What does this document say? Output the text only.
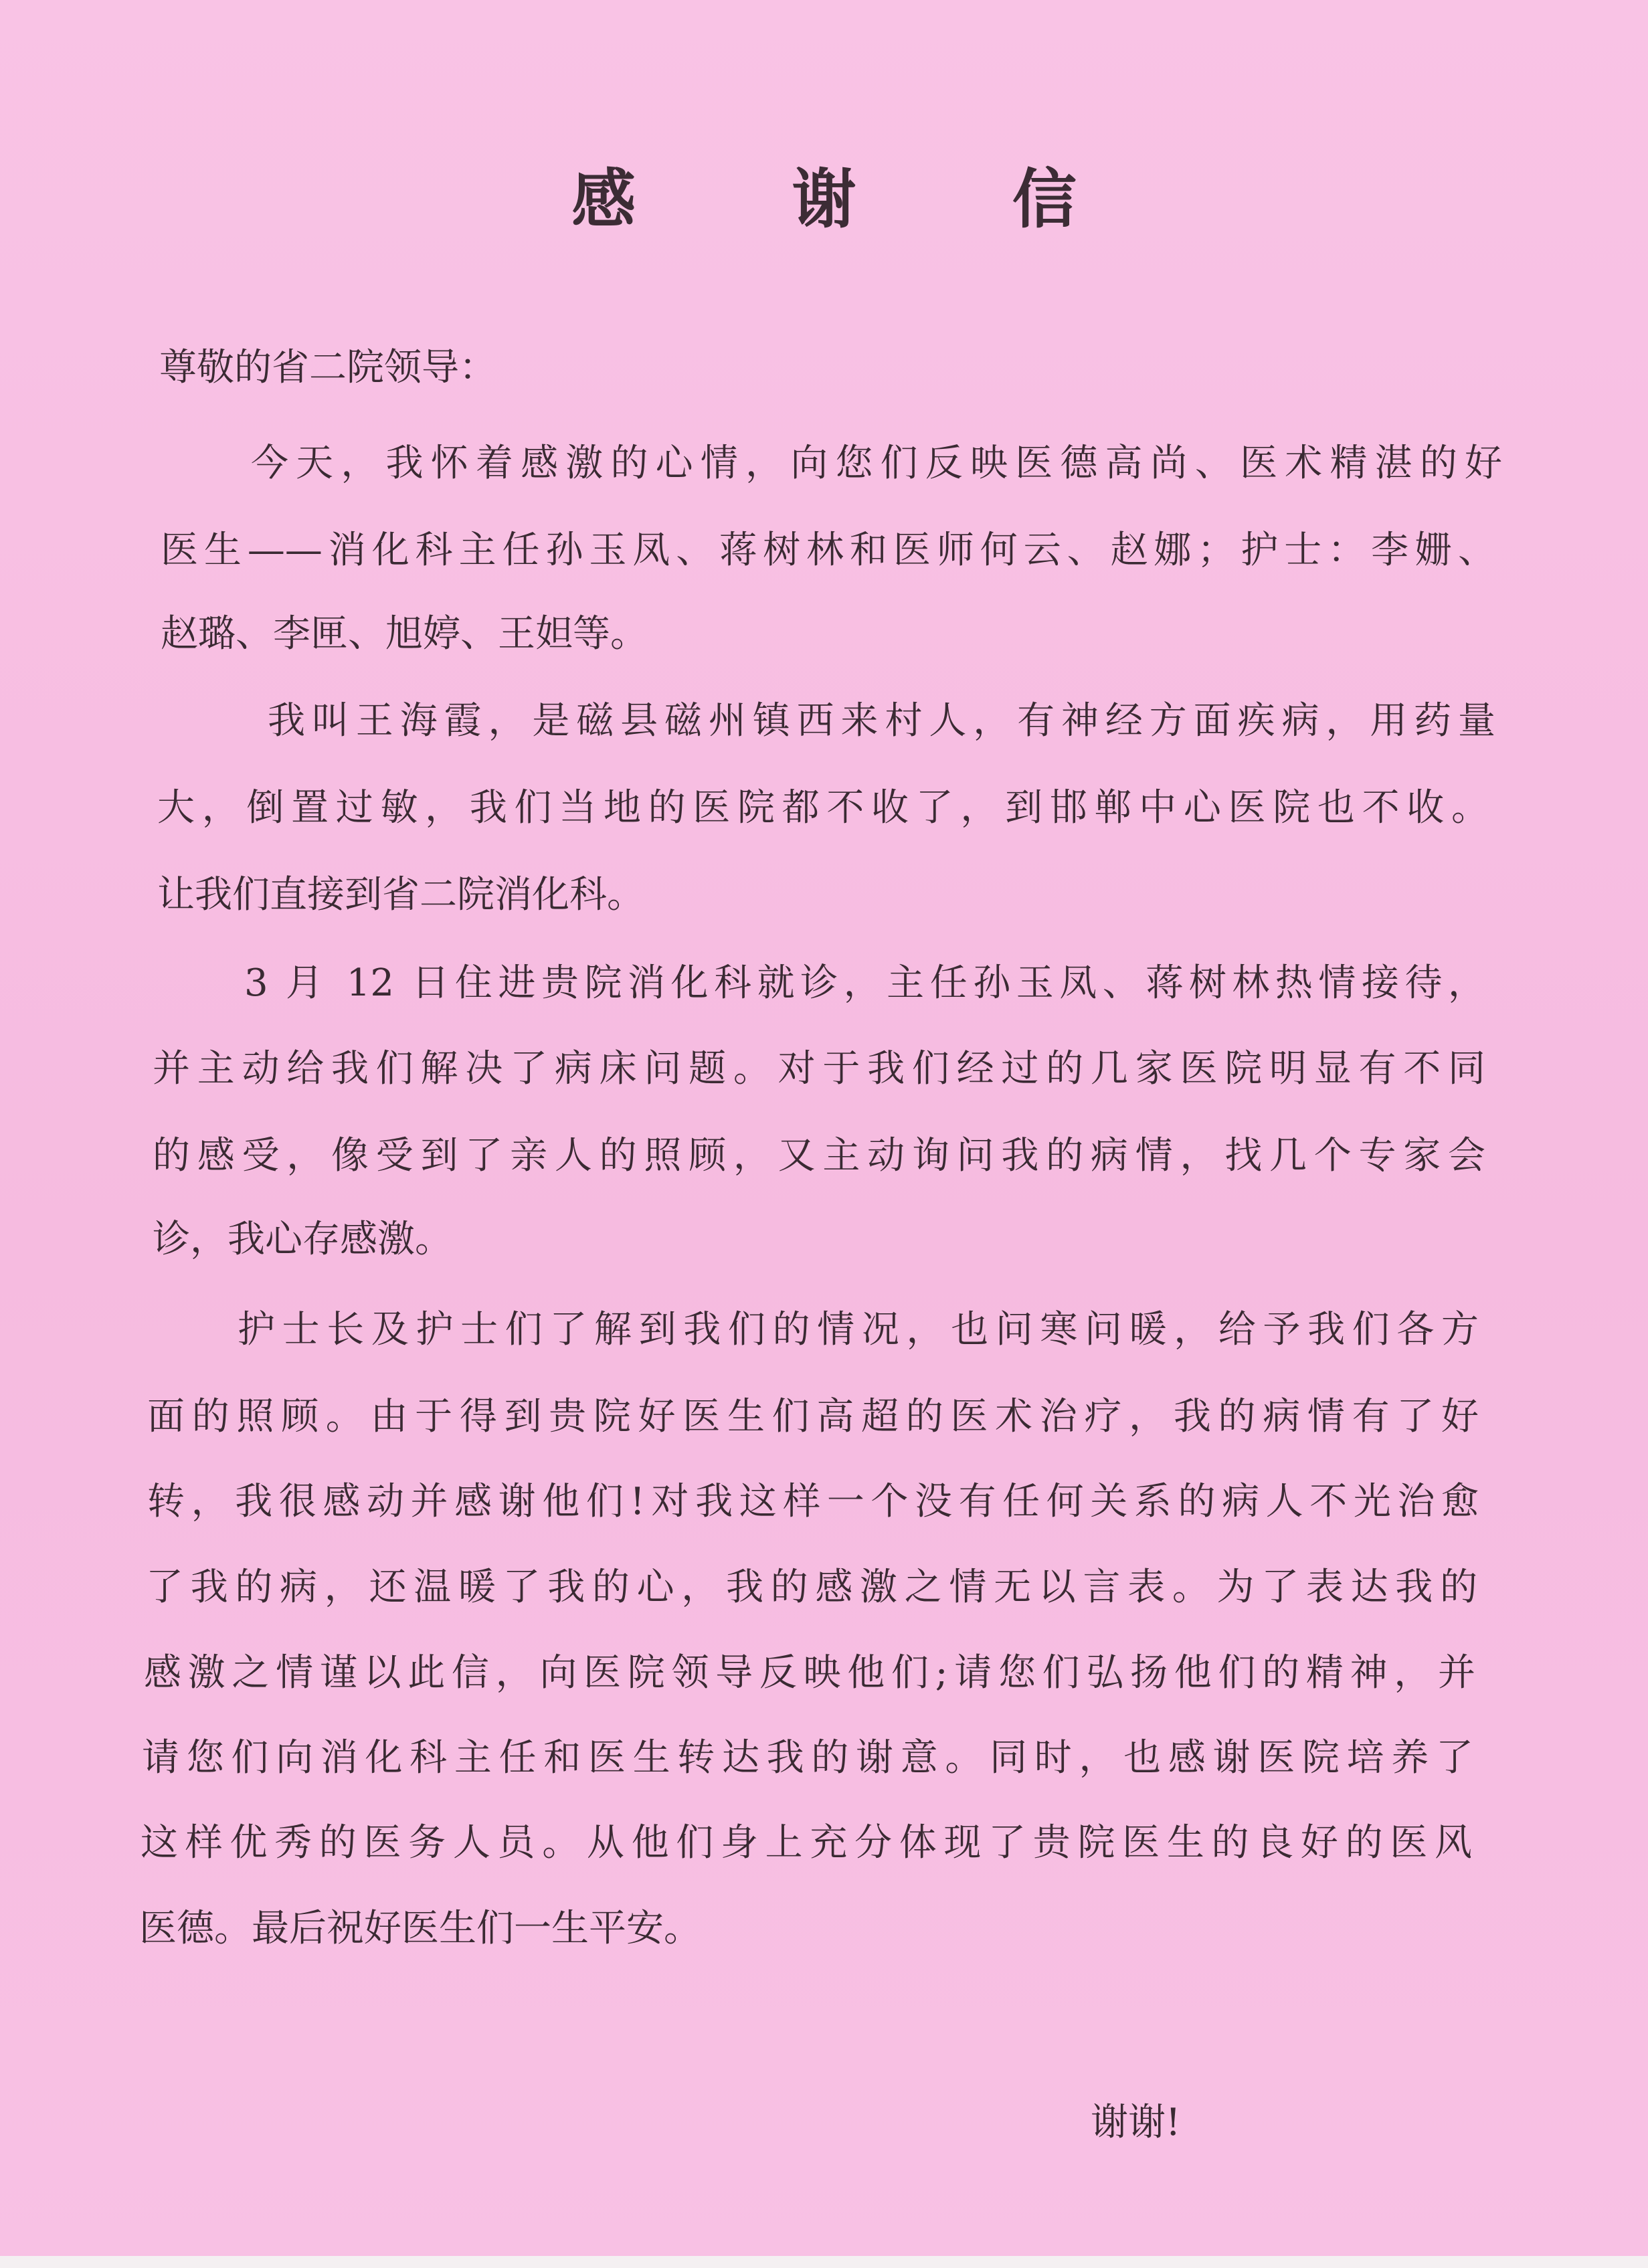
感 谢 信
尊敬的省二院领导：
今天，我怀着感激的心情，向您们反映医德高尚、医术精湛的好
医生——消化科主任孙玉凤、蒋树林和医师何云、赵娜；护士：李姗、
赵璐、李匣、旭婷、王妲等。
我叫王海霞，是磁县磁州镇西来村人，有神经方面疾病，用药量
大，倒置过敏，我们当地的医院都不收了，到邯郸中心医院也不收。
让我们直接到省二院消化科。
3 月 12 日住进贵院消化科就诊，主任孙玉凤、蒋树林热情接待，
并主动给我们解决了病床问题。对于我们经过的几家医院明显有不同
的感受，像受到了亲人的照顾，又主动询问我的病情，找几个专家会
诊，我心存感激。
护士长及护士们了解到我们的情况，也问寒问暖，给予我们各方
面的照顾。由于得到贵院好医生们高超的医术治疗，我的病情有了好
转，我很感动并感谢他们!对我这样一个没有任何关系的病人不光治愈
了我的病，还温暖了我的心，我的感激之情无以言表。为了表达我的
感激之情谨以此信，向医院领导反映他们;请您们弘扬他们的精神，并
请您们向消化科主任和医生转达我的谢意。同时，也感谢医院培养了
这样优秀的医务人员。从他们身上充分体现了贵院医生的良好的医风
医德。最后祝好医生们一生平安。
谢谢!
